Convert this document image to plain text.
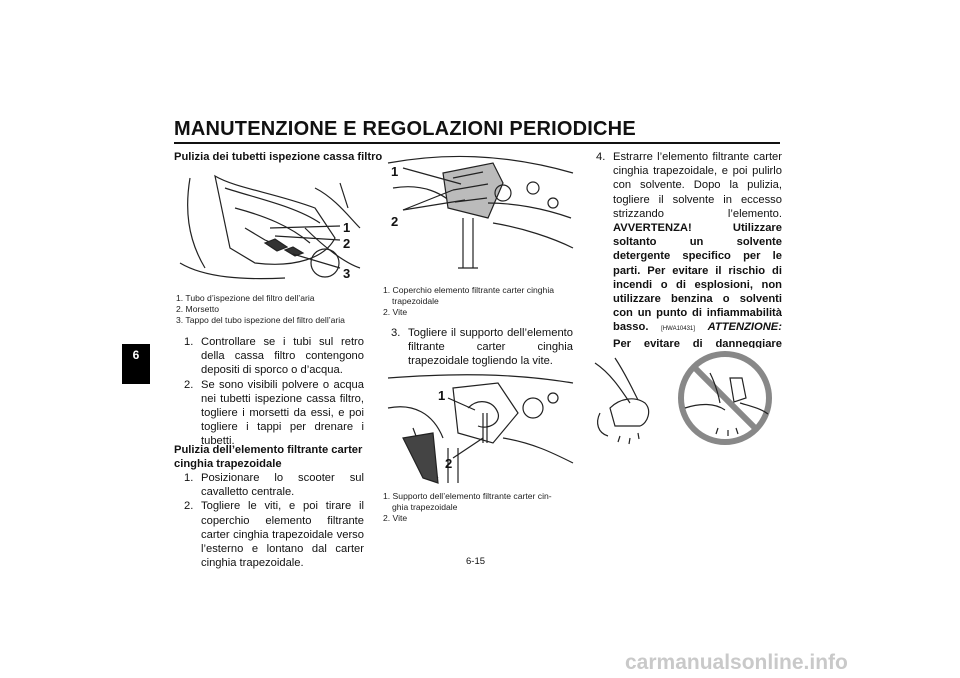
MANUTENZIONE E REGOLAZIONI PERIODICHE
6
Pulizia dei tubetti ispezione cassa filtro
1
2
3
1. Tubo d’ispezione del filtro dell’aria
2. Morsetto
3. Tappo del tubo ispezione del filtro dell’aria
1. Controllare se i tubi sul retro della cassa filtro contengono depositi di sporco o d’acqua.
2. Se sono visibili polvere o acqua nei tubetti ispezione cassa filtro, togliere i morsetti da essi, e poi togliere i tappi per drenare i tubetti.
Pulizia dell’elemento filtrante carter cinghia trapezoidale
1. Posizionare lo scooter sul cavalletto centrale.
2. Togliere le viti, e poi tirare il coperchio elemento filtrante carter cinghia trapezoidale verso l’esterno e lontano dal carter cinghia trapezoidale.
1
2
1. Coperchio elemento filtrante carter cinghia
trapezoidale
2. Vite
3. Togliere il supporto dell’elemento filtrante carter cinghia trapezoidale togliendo la vite.
1
2
1. Supporto dell’elemento filtrante carter cin-
ghia trapezoidale
2. Vite
4. Estrarre l’elemento filtrante carter cinghia trapezoidale, e poi pulirlo con solvente. Dopo la pulizia, togliere il solvente in eccesso strizzando l’elemento. AVVERTENZA!	Utilizzare soltanto un solvente detergente specifico per le parti. Per evitare il rischio di incendi o di esplosioni, non utilizzare benzina o solventi con un punto di infiammabilità basso. [HWA10431] ATTENZIONE: Per evitare di danneggiare l’elemento del filtro aria, maneggiarlo con delicatezza e non torcerlo. [HCA10521]
6-15
carmanualsonline.info
